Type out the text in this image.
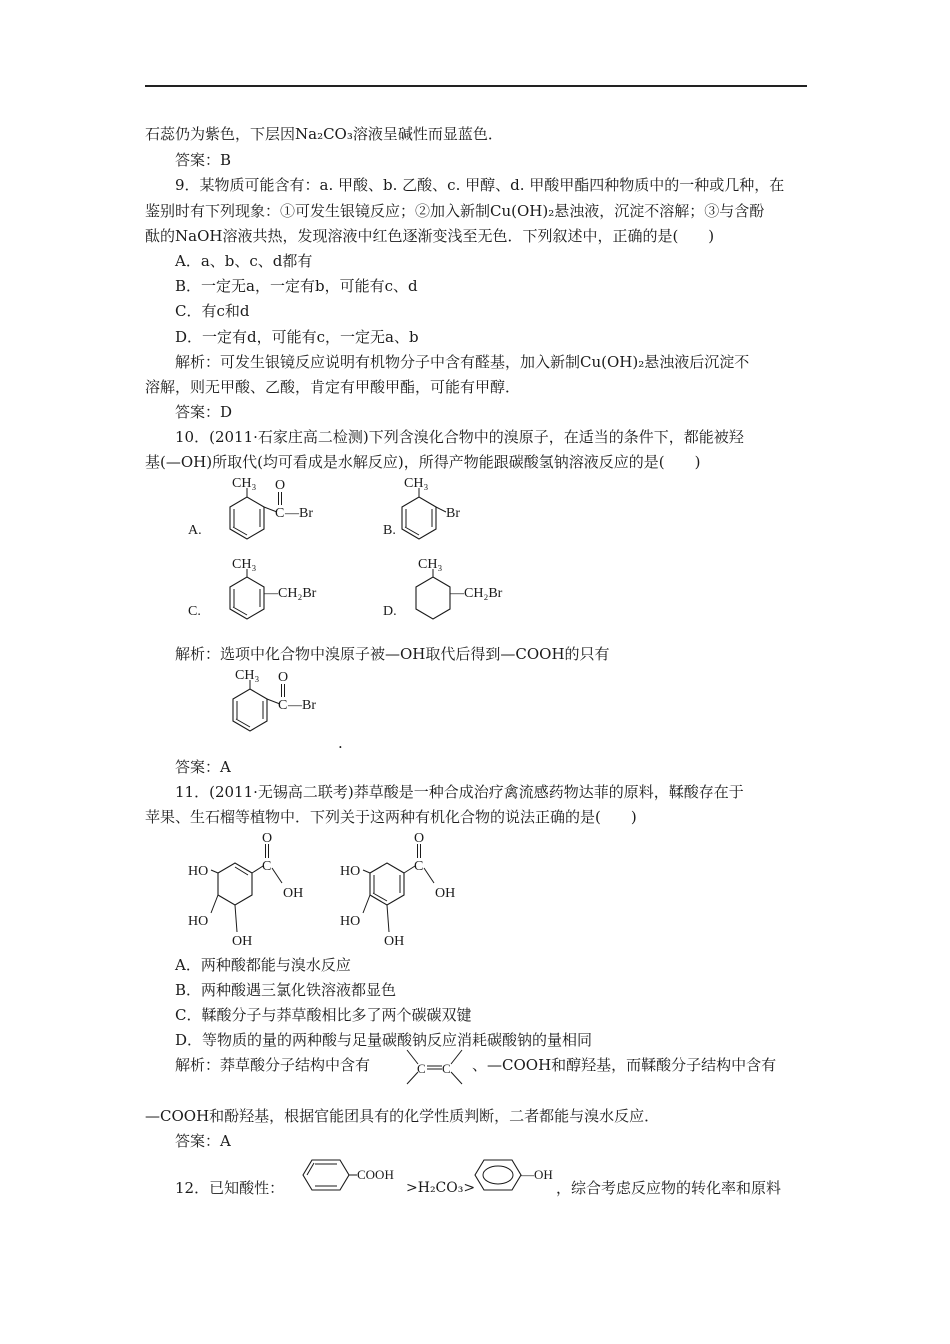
石蕊仍为紫色，下层因Na₂CO₃溶液呈碱性而显蓝色．
答案：B
9．某物质可能含有：a. 甲酸、b. 乙酸、c. 甲醇、d. 甲酸甲酯四种物质中的一种或几种，在
鉴别时有下列现象：①可发生银镜反应；②加入新制Cu(OH)₂悬浊液，沉淀不溶解；③与含酚
酞的NaOH溶液共热，发现溶液中红色逐渐变浅至无色．下列叙述中，正确的是(　　)
A．a、b、c、d都有
B．一定无a，一定有b，可能有c、d
C．有c和d
D．一定有d，可能有c，一定无a、b
解析：可发生银镜反应说明有机物分子中含有醛基，加入新制Cu(OH)₂悬浊液后沉淀不
溶解，则无甲酸、乙酸，肯定有甲酸甲酯，可能有甲醇．
答案：D
10．(2011·石家庄高二检测)下列含溴化合物中的溴原子，在适当的条件下，都能被羟
基(—OH)所取代(均可看成是水解反应)，所得产物能跟碳酸氢钠溶液反应的是(　　)
A.
CH₃
C
O
—Br
B.
CH₃
Br
C.
CH₃
—CH₂Br
D.
CH₃
—CH₂Br
解析：选项中化合物中溴原子被—OH取代后得到—COOH的只有
CH₃
C
O
—Br
.
答案：A
11．(2011·无锡高二联考)莽草酸是一种合成治疗禽流感药物达菲的原料，鞣酸存在于
苹果、生石榴等植物中．下列关于这两种有机化合物的说法正确的是(　　)
HO
HO
OH
C
O
OH
HO
HO
OH
C
O
OH
A．两种酸都能与溴水反应
B．两种酸遇三氯化铁溶液都显色
C．鞣酸分子与莽草酸相比多了两个碳碳双键
D．等物质的量的两种酸与足量碳酸钠反应消耗碳酸钠的量相同
解析：莽草酸分子结构中含有	C C 、—COOH和醇羟基，而鞣酸分子结构中含有
—COOH和酚羟基，根据官能团具有的化学性质判断，二者都能与溴水反应．
答案：A
12．已知酸性：
COOH
>H₂CO₃>
—OH
，综合考虑反应物的转化率和原料
